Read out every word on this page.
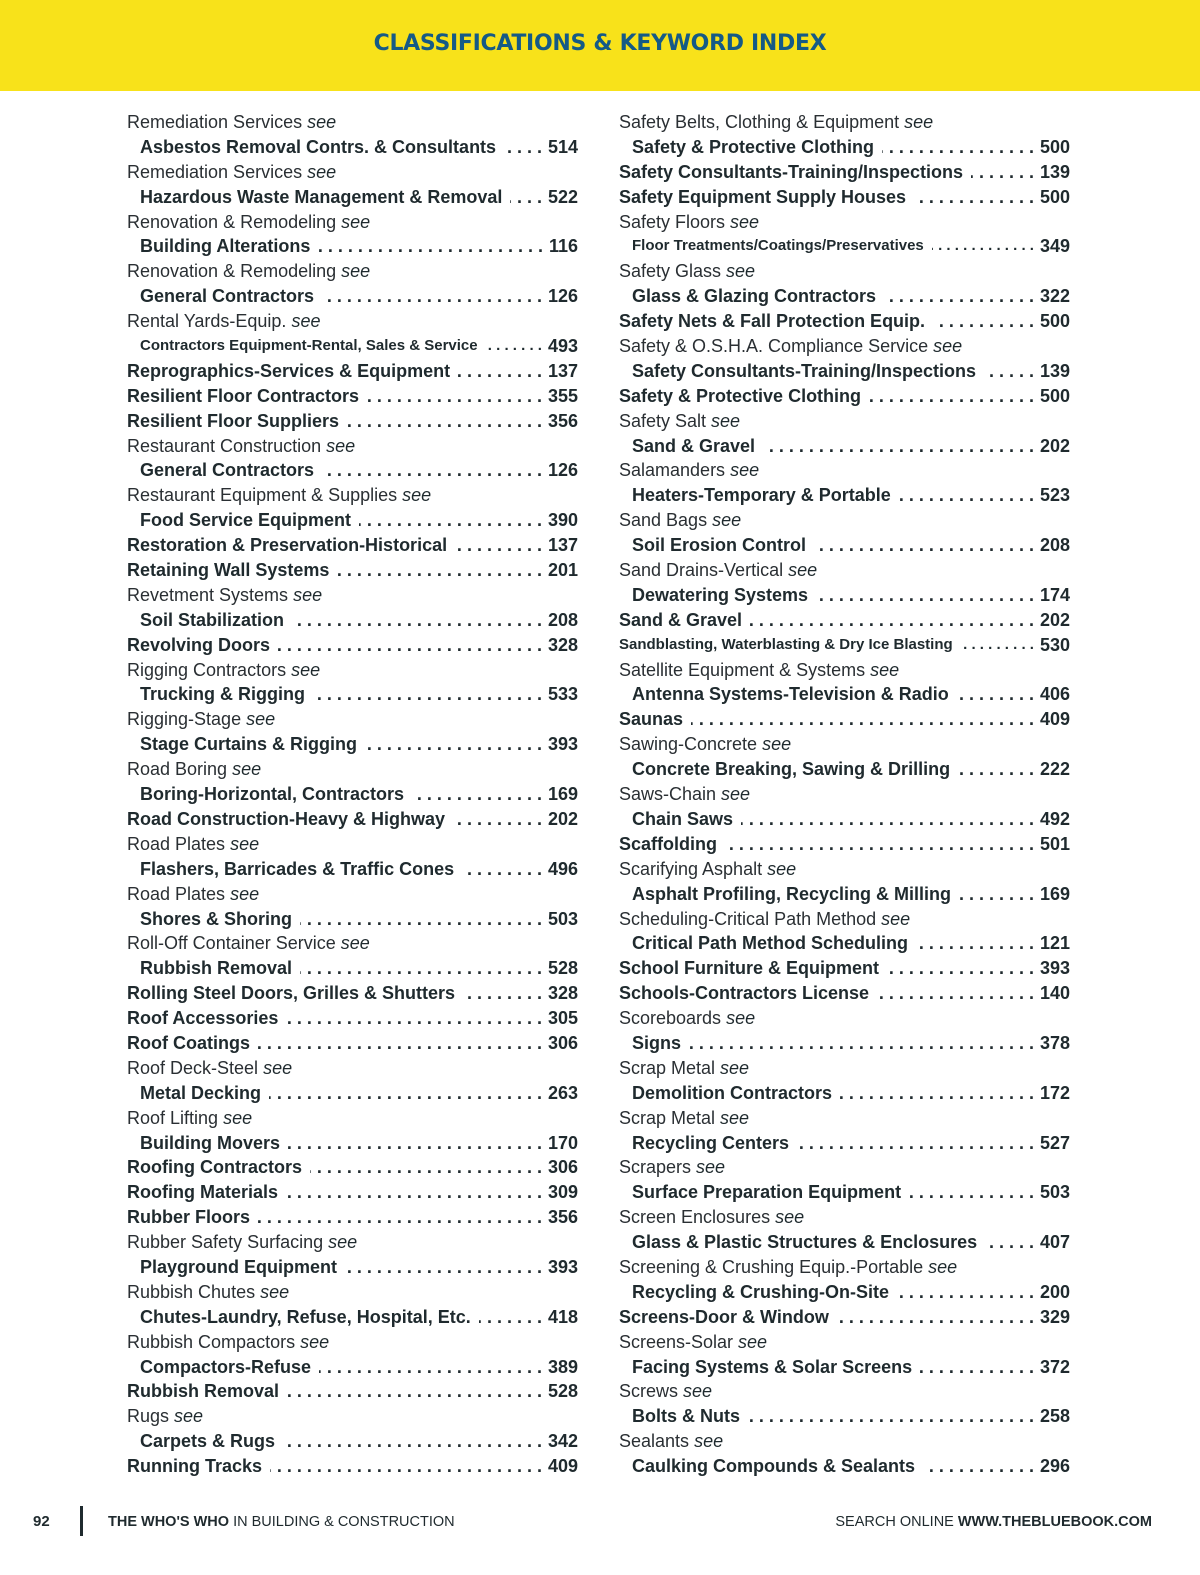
CLASSIFICATIONS & KEYWORD INDEX
Remediation Services see
Asbestos Removal Contrs. & Consultants . . .	514
Remediation Services see
Hazardous Waste Management & Removal . . .	522
Renovation & Remodeling see
Building Alterations . . .	116
Renovation & Remodeling see
General Contractors . . .	126
Rental Yards-Equip. see
Contractors Equipment-Rental, Sales & Service . . .	493
Reprographics-Services & Equipment . . .	137
Resilient Floor Contractors . . .	355
Resilient Floor Suppliers . . .	356
Restaurant Construction see
General Contractors . . .	126
Restaurant Equipment & Supplies see
Food Service Equipment . . .	390
Restoration & Preservation-Historical . . .	137
Retaining Wall Systems . . .	201
Revetment Systems see
Soil Stabilization . . .	208
Revolving Doors . . .	328
Rigging Contractors see
Trucking & Rigging . . .	533
Rigging-Stage see
Stage Curtains & Rigging . . .	393
Road Boring see
Boring-Horizontal, Contractors . . .	169
Road Construction-Heavy & Highway . . .	202
Road Plates see
Flashers, Barricades & Traffic Cones . . .	496
Road Plates see
Shores & Shoring . . .	503
Roll-Off Container Service see
Rubbish Removal . . .	528
Rolling Steel Doors, Grilles & Shutters . . .	328
Roof Accessories . . .	305
Roof Coatings . . .	306
Roof Deck-Steel see
Metal Decking . . .	263
Roof Lifting see
Building Movers . . .	170
Roofing Contractors . . .	306
Roofing Materials . . .	309
Rubber Floors . . .	356
Rubber Safety Surfacing see
Playground Equipment . . .	393
Rubbish Chutes see
Chutes-Laundry, Refuse, Hospital, Etc. . . .	418
Rubbish Compactors see
Compactors-Refuse . . .	389
Rubbish Removal . . .	528
Rugs see
Carpets & Rugs . . .	342
Running Tracks . . .	409
Safety Belts, Clothing & Equipment see
Safety & Protective Clothing . . .	500
Safety Consultants-Training/Inspections . . .	139
Safety Equipment Supply Houses . . .	500
Safety Floors see
Floor Treatments/Coatings/Preservatives . . .	349
Safety Glass see
Glass & Glazing Contractors . . .	322
Safety Nets & Fall Protection Equip. . . .	500
Safety & O.S.H.A. Compliance Service see
Safety Consultants-Training/Inspections . . .	139
Safety & Protective Clothing . . .	500
Safety Salt see
Sand & Gravel . . .	202
Salamanders see
Heaters-Temporary & Portable . . .	523
Sand Bags see
Soil Erosion Control . . .	208
Sand Drains-Vertical see
Dewatering Systems . . .	174
Sand & Gravel . . .	202
Sandblasting, Waterblasting & Dry Ice Blasting . . .	530
Satellite Equipment & Systems see
Antenna Systems-Television & Radio . . .	406
Saunas . . .	409
Sawing-Concrete see
Concrete Breaking, Sawing & Drilling . . .	222
Saws-Chain see
Chain Saws . . .	492
Scaffolding . . .	501
Scarifying Asphalt see
Asphalt Profiling, Recycling & Milling . . .	169
Scheduling-Critical Path Method see
Critical Path Method Scheduling . . .	121
School Furniture & Equipment . . .	393
Schools-Contractors License . . .	140
Scoreboards see
Signs . . .	378
Scrap Metal see
Demolition Contractors . . .	172
Scrap Metal see
Recycling Centers . . .	527
Scrapers see
Surface Preparation Equipment . . .	503
Screen Enclosures see
Glass & Plastic Structures & Enclosures . . .	407
Screening & Crushing Equip.-Portable see
Recycling & Crushing-On-Site . . .	200
Screens-Door & Window . . .	329
Screens-Solar see
Facing Systems & Solar Screens . . .	372
Screws see
Bolts & Nuts . . .	258
Sealants see
Caulking Compounds & Sealants . . .	296
92	THE WHO'S WHO IN BUILDING & CONSTRUCTION	SEARCH ONLINE WWW.THEBLUEBOOK.COM
